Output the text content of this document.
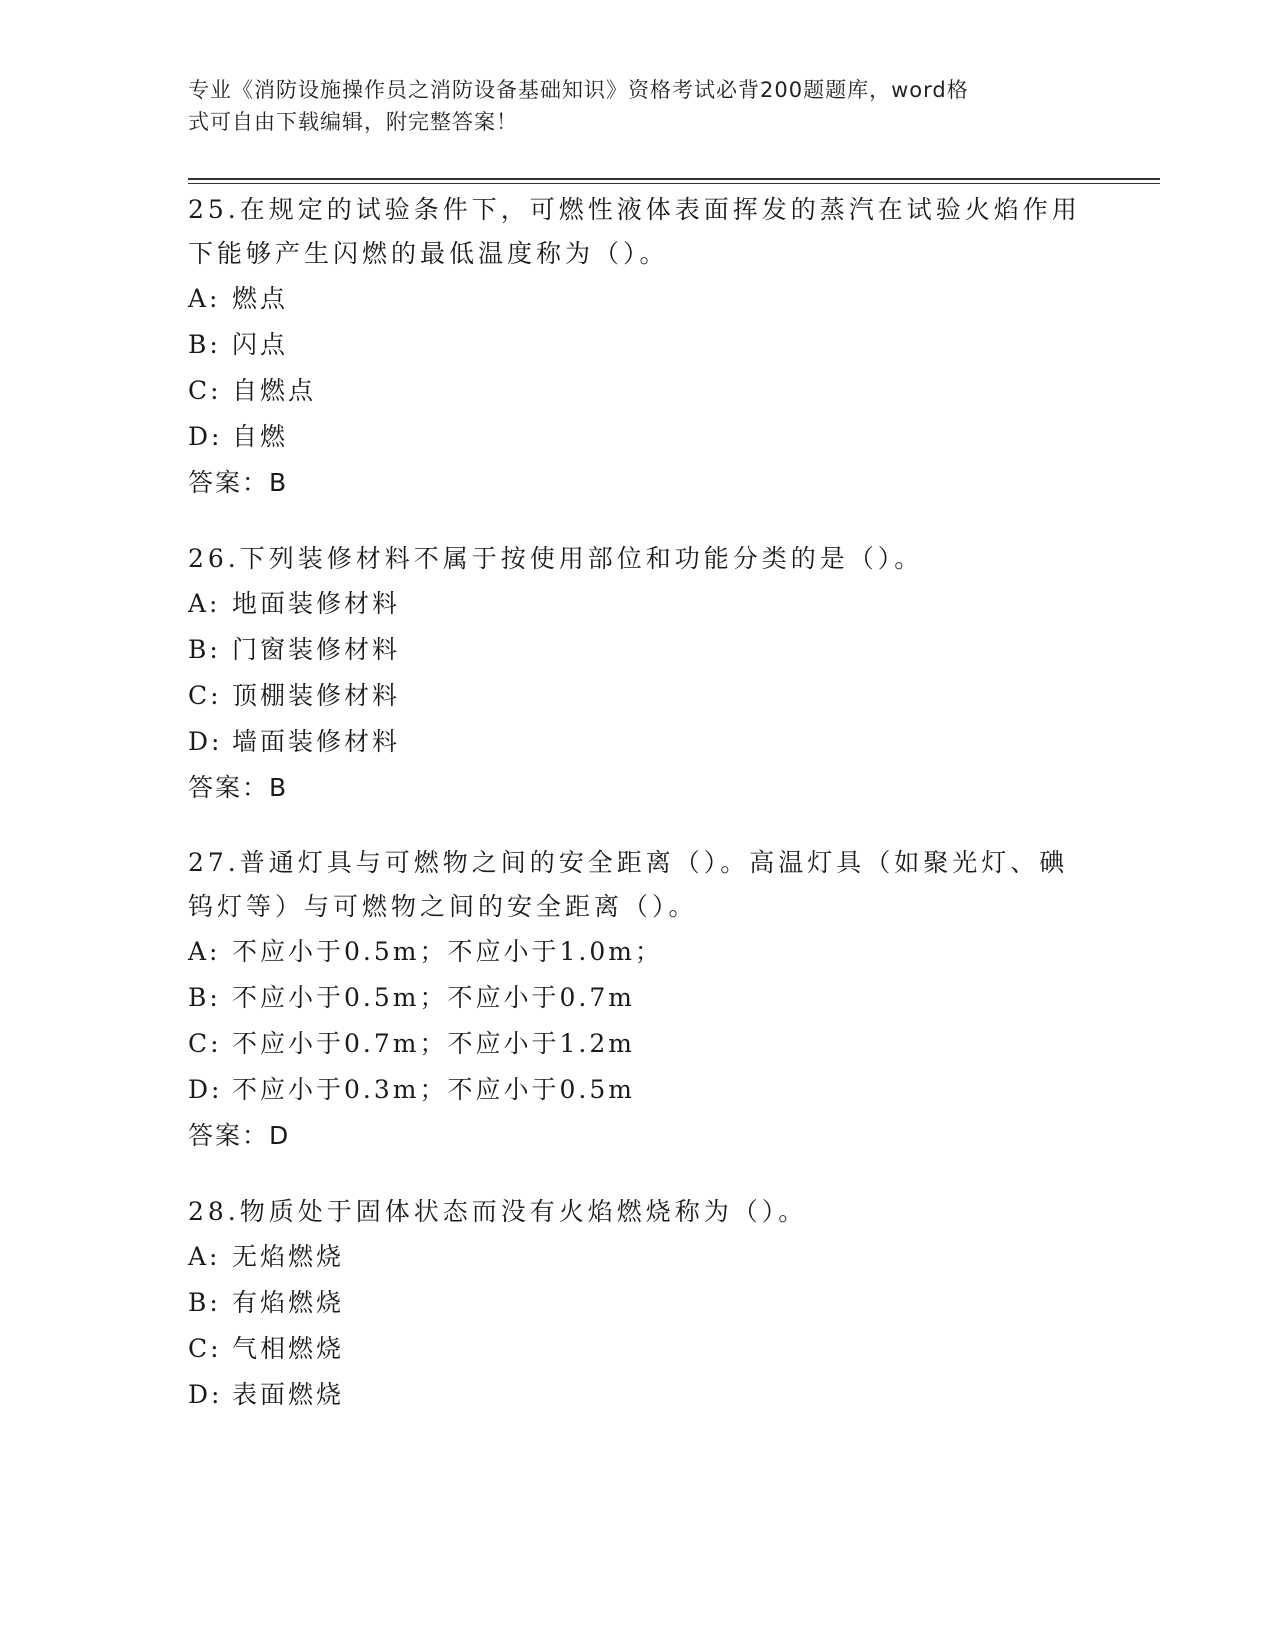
专业《消防设施操作员之消防设备基础知识》资格考试必背200题题库，word格
式可自由下载编辑，附完整答案！

25.在规定的试验条件下，可燃性液体表面挥发的蒸汽在试验火焰作用

下能够产生闪燃的最低温度称为（）。

A: 燃点

B: 闪点

C: 自燃点

D: 自燃

答案：B

26.下列装修材料不属于按使用部位和功能分类的是（）。

A: 地面装修材料

B: 门窗装修材料

C: 顶棚装修材料

D: 墙面装修材料

答案：B

27.普通灯具与可燃物之间的安全距离（）。高温灯具（如聚光灯、碘

钨灯等）与可燃物之间的安全距离（）。

A: 不应小于0.5m；不应小于1.0m；

B: 不应小于0.5m；不应小于0.7m

C: 不应小于0.7m；不应小于1.2m

D: 不应小于0.3m；不应小于0.5m

答案：D

28.物质处于固体状态而没有火焰燃烧称为（）。

A: 无焰燃烧

B: 有焰燃烧

C: 气相燃烧

D: 表面燃烧
